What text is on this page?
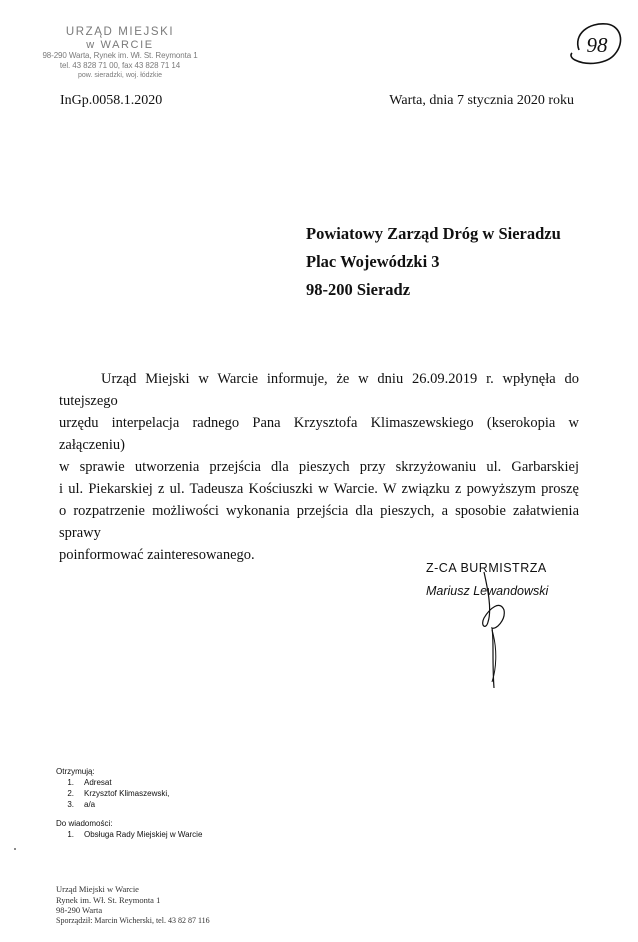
URZĄD MIEJSKI
w WARCIE
98-290 Warta, Rynek im. Wł. St. Reymonta 1
tel. 43 828 71 00, fax 43 828 71 14
pow. sieradzki, woj. łódzkie
98
InGp.0058.1.2020	Warta, dnia 7 stycznia 2020 roku
Powiatowy Zarząd Dróg w Sieradzu
Plac Wojewódzki 3
98-200 Sieradz
Urząd Miejski w Warcie informuje, że w dniu 26.09.2019 r. wpłynęła do tutejszego
urzędu interpelacja radnego Pana Krzysztofa Klimaszewskiego (kserokopia w załączeniu)
w sprawie utworzenia przejścia dla pieszych przy skrzyżowaniu ul. Garbarskiej
i ul. Piekarskiej z ul. Tadeusza Kościuszki w Warcie. W związku z powyższym proszę
o rozpatrzenie możliwości wykonania przejścia dla pieszych, a sposobie załatwienia sprawy
poinformować zainteresowanego.
Z-CA BURMISTRZA
Mariusz Lewandowski
Otrzymują:
1.	Adresat
2.	Krzysztof Klimaszewski,
3.	a/a
Do wiadomości:
1.	Obsługa Rady Miejskiej w Warcie
Urząd Miejski w Warcie
Rynek im. Wł. St. Reymonta 1
98-290 Warta
Sporządził: Marcin Wicherski, tel. 43 82 87 116
